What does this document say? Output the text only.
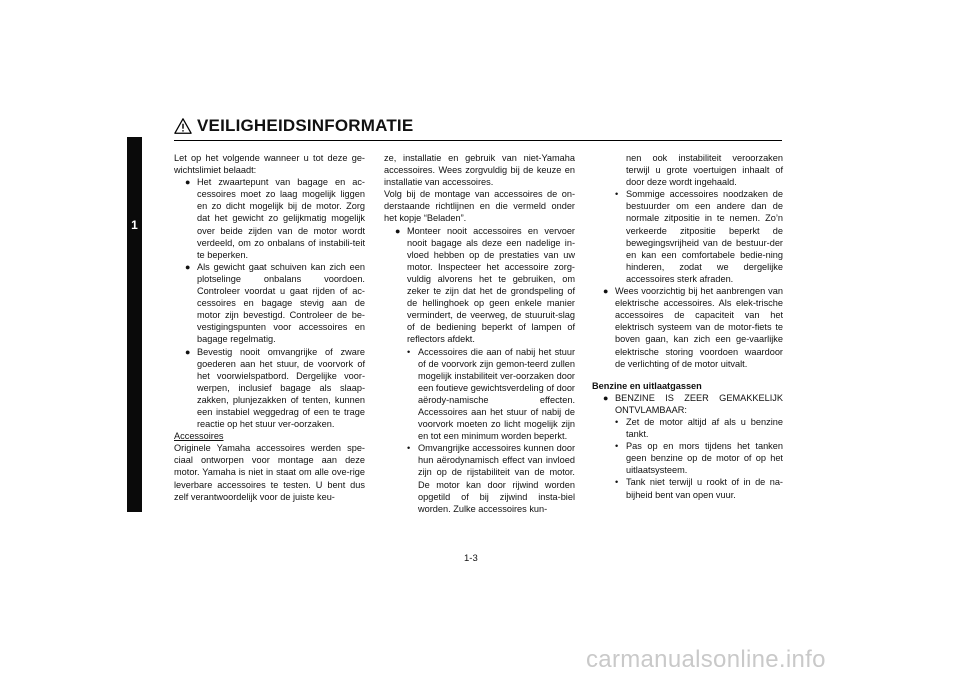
1
VEILIGHEIDSINFORMATIE

Let op het volgende wanneer u tot deze ge-wichtslimiet belaadt:

● Het zwaartepunt van bagage en ac-cessoires moet zo laag mogelijk liggen en zo dicht mogelijk bij de motor. Zorg dat het gewicht zo gelijkmatig mogelijk over beide zijden van de motor wordt verdeeld, om zo onbalans of instabili-teit te beperken.
● Als gewicht gaat schuiven kan zich een plotselinge onbalans voordoen. Controleer voordat u gaat rijden of ac-cessoires en bagage stevig aan de motor zijn bevestigd. Controleer de be-vestigingspunten voor accessoires en bagage regelmatig.
● Bevestig nooit omvangrijke of zware goederen aan het stuur, de voorvork of het voorwielspatbord. Dergelijke voor-werpen, inclusief bagage als slaap-zakken, plunjezakken of tenten, kunnen een instabiel weggedrag of een te trage reactie op het stuur ver-oorzaken.

Accessoires

Originele Yamaha accessoires werden spe-ciaal ontworpen voor montage aan deze motor. Yamaha is niet in staat om alle ove-rige leverbare accessoires te testen. U bent dus zelf verantwoordelijk voor de juiste keu-

ze, installatie en gebruik van niet-Yamaha accessoires. Wees zorgvuldig bij de keuze en installatie van accessoires.

Volg bij de montage van accessoires de on-derstaande richtlijnen en die vermeld onder het kopje “Beladen”.

● Monteer nooit accessoires en vervoer nooit bagage als deze een nadelige in-vloed hebben op de prestaties van uw motor. Inspecteer het accessoire zorg-vuldig alvorens het te gebruiken, om zeker te zijn dat het de grondspeling of de hellinghoek op geen enkele manier vermindert, de veerweg, de stuuruit-slag of de bediening beperkt of lampen of reflectors afdekt.
• Accessoires die aan of nabij het stuur of de voorvork zijn gemon-teerd zullen mogelijk instabiliteit ver-oorzaken door een foutieve gewichtsverdeling of door aërody-namische effecten. Accessoires aan het stuur of nabij de voorvork moeten zo licht mogelijk zijn en tot een minimum worden beperkt.
• Omvangrijke accessoires kunnen door hun aërodynamisch effect van invloed zijn op de rijstabiliteit van de motor. De motor kan door rijwind worden opgetild of bij zijwind insta-biel worden. Zulke accessoires kun-

nen ook instabiliteit veroorzaken terwijl u grote voertuigen inhaalt of door deze wordt ingehaald.

• Sommige accessoires noodzaken de bestuurder om een andere dan de normale zitpositie in te nemen. Zo’n verkeerde zitpositie beperkt de bewegingsvrijheid van de bestuur-der en kan een comfortabele bedie-ning hinderen, zodat we dergelijke accessoires sterk afraden.
● Wees voorzichtig bij het aanbrengen van elektrische accessoires. Als elek-trische accessoires de capaciteit van het elektrisch systeem van de motor-fiets te boven gaan, kan zich een ge-vaarlijke elektrische storing voordoen waardoor de verlichting of de motor uitvalt.

Benzine en uitlaatgassen

● BENZINE IS ZEER GEMAKKELIJK ONTVLAMBAAR:
• Zet de motor altijd af als u benzine tankt.
• Pas op en mors tijdens het tanken geen benzine op de motor of op het uitlaatsysteem.
• Tank niet terwijl u rookt of in de na-bijheid bent van open vuur.
1-3
carmanualsonline.info
